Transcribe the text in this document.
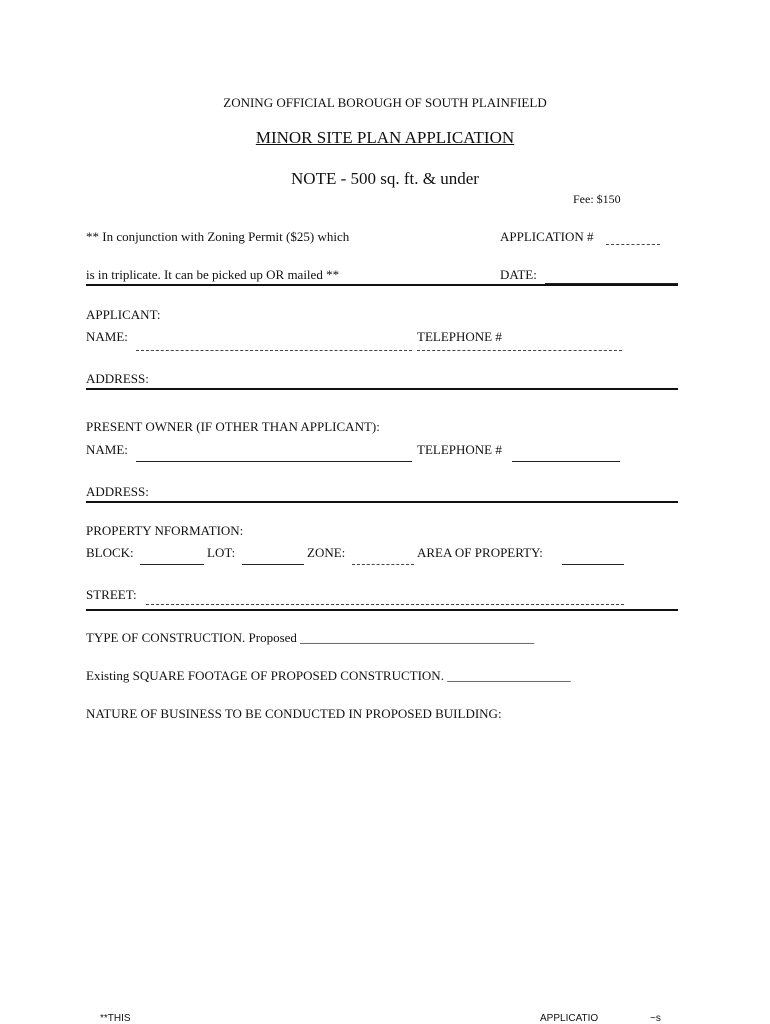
ZONING OFFICIAL BOROUGH OF SOUTH PLAINFIELD
MINOR SITE PLAN APPLICATION
NOTE - 500 sq. ft. & under
Fee: $150
** In conjunction with Zoning Permit ($25) which	APPLICATION #
is in triplicate. It can be picked up OR mailed **	DATE:
APPLICANT:
NAME:	TELEPHONE #
ADDRESS:
PRESENT OWNER (IF OTHER THAN APPLICANT):
NAME:	TELEPHONE #
ADDRESS:
PROPERTY NFORMATION:
BLOCK:	LOT:	ZONE:	AREA OF PROPERTY:
STREET:
TYPE OF CONSTRUCTION. Proposed ____________________________________
Existing SQUARE FOOTAGE OF PROPOSED CONSTRUCTION. ___________________
NATURE OF BUSINESS TO BE CONDUCTED IN PROPOSED BUILDING:
**THIS	APPLICATIO	~s
